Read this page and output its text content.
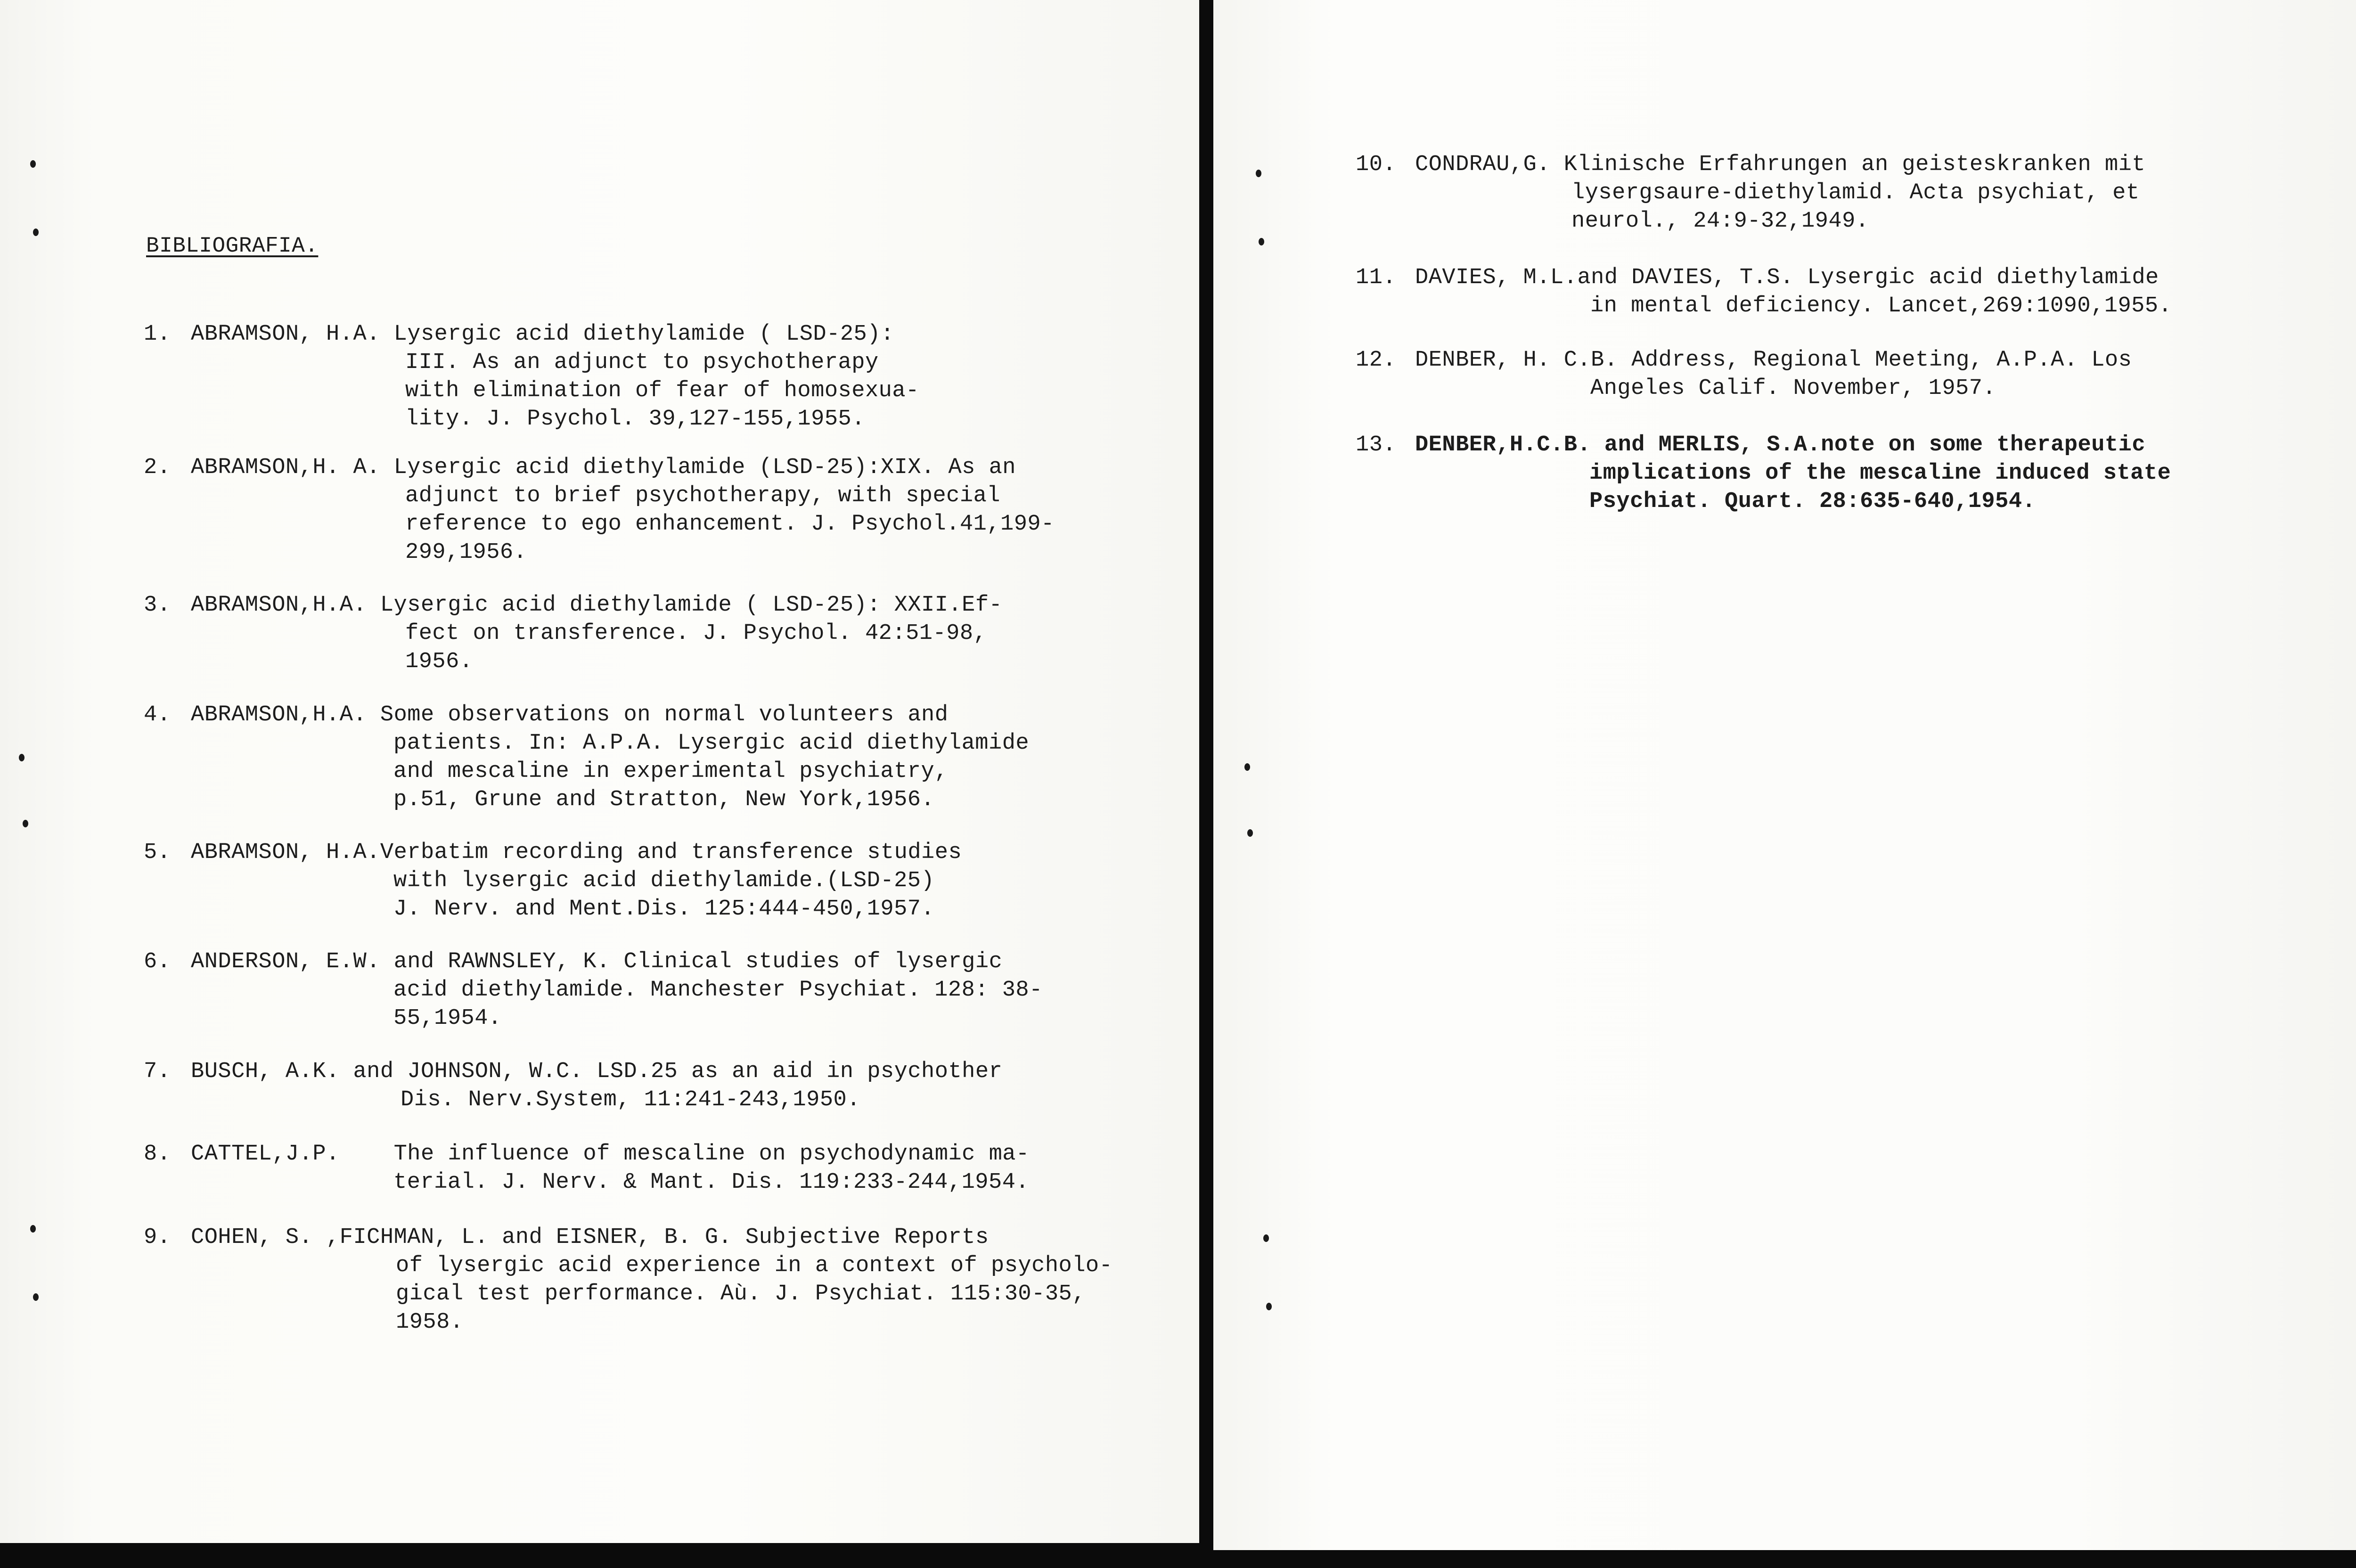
BIBLIOGRAFIA.
1. ABRAMSON, H.A. Lysergic acid diethylamide ( LSD-25):
III. As an adjunct to psychotherapy
with elimination of fear of homosexua-
lity. J. Psychol. 39,127-155,1955.
2. ABRAMSON,H. A. Lysergic acid diethylamide (LSD-25):XIX. As an
adjunct to brief psychotherapy, with special
reference to ego enhancement. J. Psychol.41,199-
299,1956.
3. ABRAMSON,H.A. Lysergic acid diethylamide ( LSD-25): XXII.Ef-
fect on transference. J. Psychol. 42:51-98,
1956.
4. ABRAMSON,H.A. Some observations on normal volunteers and
patients. In: A.P.A. Lysergic acid diethylamide
and mescaline in experimental psychiatry,
p.51, Grune and Stratton, New York,1956.
5. ABRAMSON, H.A.Verbatim recording and transference studies
with lysergic acid diethylamide.(LSD-25)
J. Nerv. and Ment.Dis. 125:444-450,1957.
6. ANDERSON, E.W. and RAWNSLEY, K. Clinical studies of lysergic
acid diethylamide. Manchester Psychiat. 128: 38-
55,1954.
7. BUSCH, A.K. and JOHNSON, W.C. LSD.25 as an aid in psychother
Dis. Nerv.System, 11:241-243,1950.
8. CATTEL,J.P.    The influence of mescaline on psychodynamic ma-
terial. J. Nerv. & Mant. Dis. 119:233-244,1954.
9. COHEN, S. ,FICHMAN, L. and EISNER, B. G. Subjective Reports
of lysergic acid experience in a context of psycholo-
gical test performance. Aù. J. Psychiat. 115:30-35,
1958.
10. CONDRAU,G. Klinische Erfahrungen an geisteskranken mit
lysergsaure-diethylamid. Acta psychiat, et
neurol., 24:9-32,1949.
11. DAVIES, M.L.and DAVIES, T.S. Lysergic acid diethylamide
in mental deficiency. Lancet,269:1090,1955.
12. DENBER, H. C.B. Address, Regional Meeting, A.P.A. Los
Angeles Calif. November, 1957.
13. DENBER,H.C.B. and MERLIS, S.A.note on some therapeutic
implications of the mescaline induced state
Psychiat. Quart. 28:635-640,1954.
